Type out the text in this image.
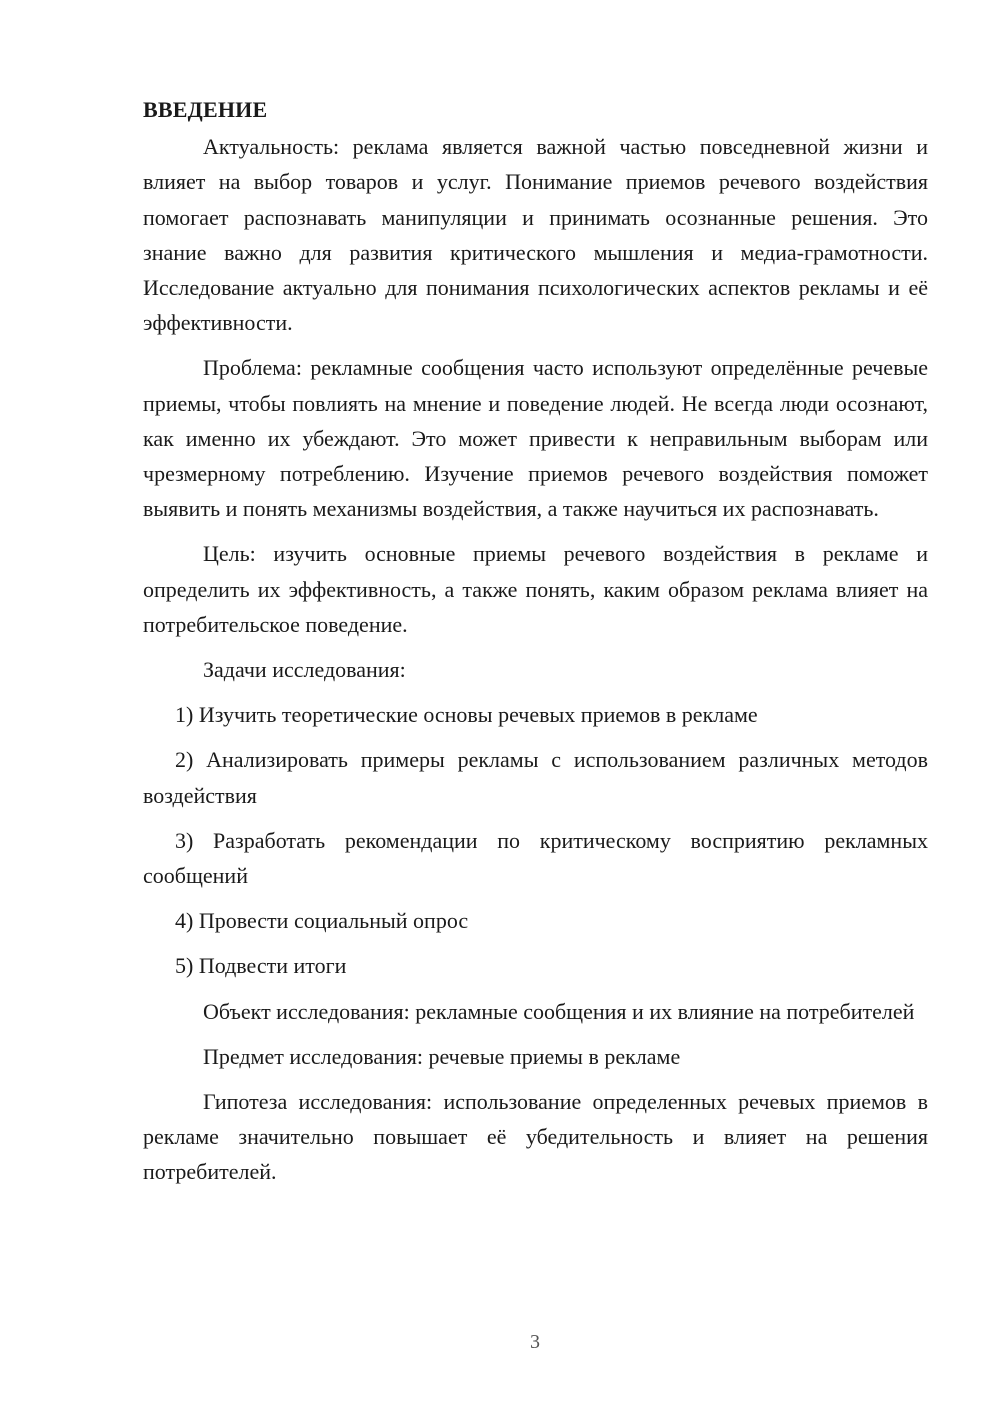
ВВЕДЕНИЕ

Актуальность: реклама является важной частью повседневной жизни и влияет на выбор товаров и услуг. Понимание приемов речевого воздействия помогает распознавать манипуляции и принимать осознанные решения. Это знание важно для развития критического мышления и медиа-грамотности. Исследование актуально для понимания психологических аспектов рекламы и её эффективности.

Проблема: рекламные сообщения часто используют определённые речевые приемы, чтобы повлиять на мнение и поведение людей. Не всегда люди осознают, как именно их убеждают. Это может привести к неправильным выборам или чрезмерному потреблению. Изучение приемов речевого воздействия поможет выявить и понять механизмы воздействия, а также научиться их распознавать.

Цель: изучить основные приемы речевого воздействия в рекламе и определить их эффективность, а также понять, каким образом реклама влияет на потребительское поведение.

Задачи исследования:

1) Изучить теоретические основы речевых приемов в рекламе

2) Анализировать примеры рекламы с использованием различных методов воздействия

3) Разработать рекомендации по критическому восприятию рекламных сообщений

4) Провести социальный опрос

5) Подвести итоги

Объект исследования: рекламные сообщения и их влияние на потребителей

Предмет исследования: речевые приемы в рекламе

Гипотеза исследования: использование определенных речевых приемов в рекламе значительно повышает её убедительность и влияет на решения потребителей.

3
